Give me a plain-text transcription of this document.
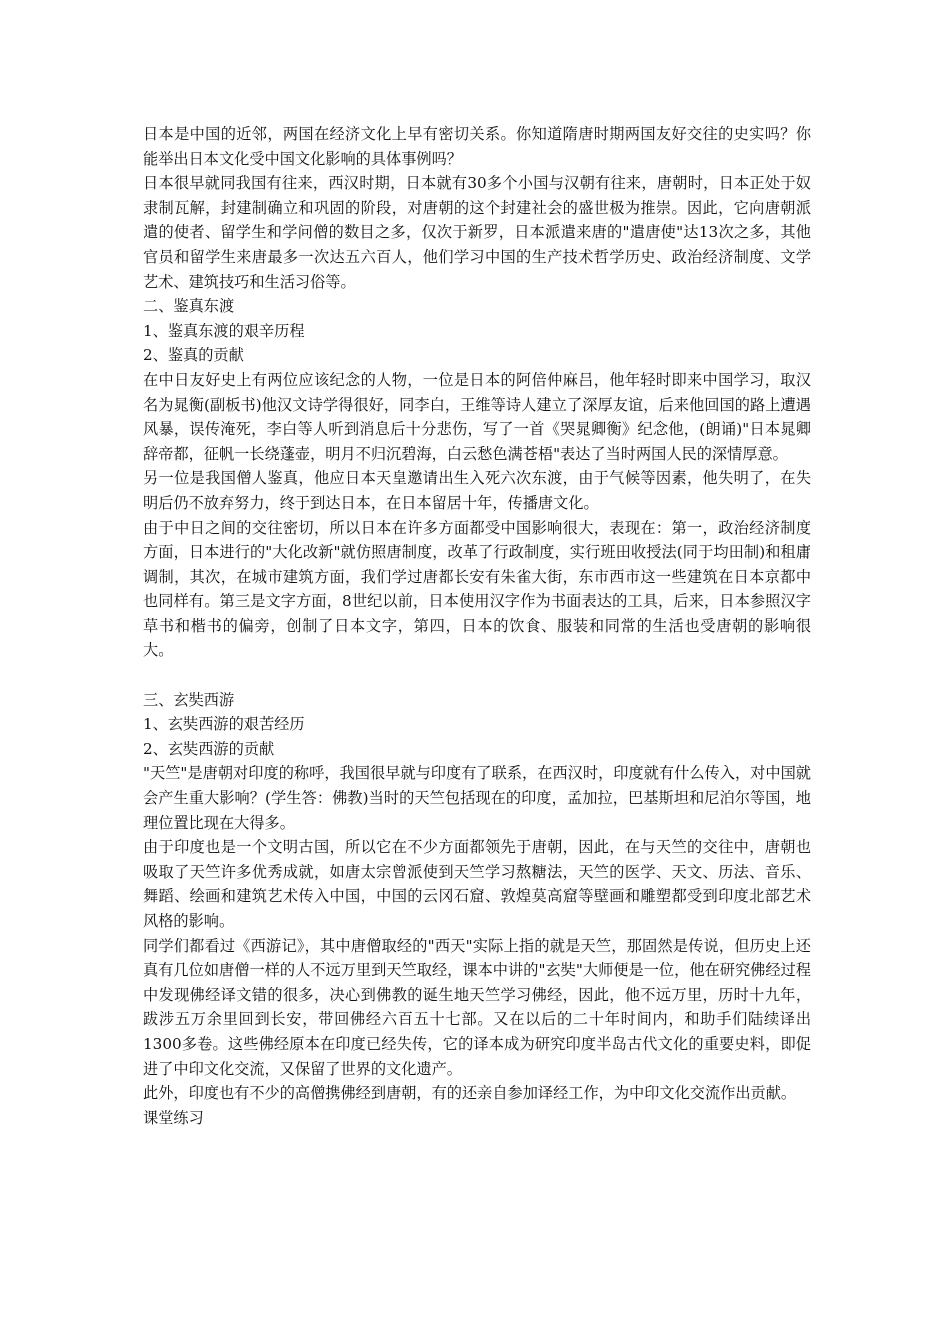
日本是中国的近邻，两国在经济文化上早有密切关系。你知道隋唐时期两国友好交往的史实吗？你能举出日本文化受中国文化影响的具体事例吗？

日本很早就同我国有往来，西汉时期，日本就有30多个小国与汉朝有往来，唐朝时，日本正处于奴隶制瓦解，封建制确立和巩固的阶段，对唐朝的这个封建社会的盛世极为推崇。因此，它向唐朝派遣的使者、留学生和学问僧的数目之多，仅次于新罗，日本派遣来唐的"遣唐使"达13次之多，其他官员和留学生来唐最多一次达五六百人，他们学习中国的生产技术哲学历史、政治经济制度、文学艺术、建筑技巧和生活习俗等。

二、鉴真东渡

1、鉴真东渡的艰辛历程

2、鉴真的贡献

在中日友好史上有两位应该纪念的人物，一位是日本的阿倍仲麻吕，他年轻时即来中国学习，取汉名为晁衡(副板书)他汉文诗学得很好，同李白，王维等诗人建立了深厚友谊，后来他回国的路上遭遇风暴，误传淹死，李白等人听到消息后十分悲伤，写了一首《哭晁卿衡》纪念他，(朗诵)"日本晁卿辞帝都，征帆一长绕蓬壶，明月不归沉碧海，白云愁色满苍梧"表达了当时两国人民的深情厚意。

另一位是我国僧人鉴真，他应日本天皇邀请出生入死六次东渡，由于气候等因素，他失明了，在失明后仍不放弃努力，终于到达日本，在日本留居十年，传播唐文化。

由于中日之间的交往密切，所以日本在许多方面都受中国影响很大，表现在：第一，政治经济制度方面，日本进行的"大化改新"就仿照唐制度，改革了行政制度，实行班田收授法(同于均田制)和租庸调制，其次，在城市建筑方面，我们学过唐都长安有朱雀大街，东市西市这一些建筑在日本京都中也同样有。第三是文字方面，8世纪以前，日本使用汉字作为书面表达的工具，后来，日本参照汉字草书和楷书的偏旁，创制了日本文字，第四，日本的饮食、服装和同常的生活也受唐朝的影响很大。

三、玄奘西游

1、玄奘西游的艰苦经历

2、玄奘西游的贡献

"天竺"是唐朝对印度的称呼，我国很早就与印度有了联系，在西汉时，印度就有什么传入，对中国就会产生重大影响？(学生答：佛教)当时的天竺包括现在的印度，孟加拉，巴基斯坦和尼泊尔等国，地理位置比现在大得多。

由于印度也是一个文明古国，所以它在不少方面都领先于唐朝，因此，在与天竺的交往中，唐朝也吸取了天竺许多优秀成就，如唐太宗曾派使到天竺学习熬糖法，天竺的医学、天文、历法、音乐、舞蹈、绘画和建筑艺术传入中国，中国的云冈石窟、敦煌莫高窟等壁画和雕塑都受到印度北部艺术风格的影响。

同学们都看过《西游记》，其中唐僧取经的"西天"实际上指的就是天竺，那固然是传说，但历史上还真有几位如唐僧一样的人不远万里到天竺取经，课本中讲的"玄奘"大师便是一位，他在研究佛经过程中发现佛经译文错的很多，决心到佛教的诞生地天竺学习佛经，因此，他不远万里，历时十九年，跋涉五万余里回到长安，带回佛经六百五十七部。又在以后的二十年时间内，和助手们陆续译出1300多卷。这些佛经原本在印度已经失传，它的译本成为研究印度半岛古代文化的重要史料，即促进了中印文化交流，又保留了世界的文化遗产。

此外，印度也有不少的高僧携佛经到唐朝，有的还亲自参加译经工作，为中印文化交流作出贡献。

课堂练习
